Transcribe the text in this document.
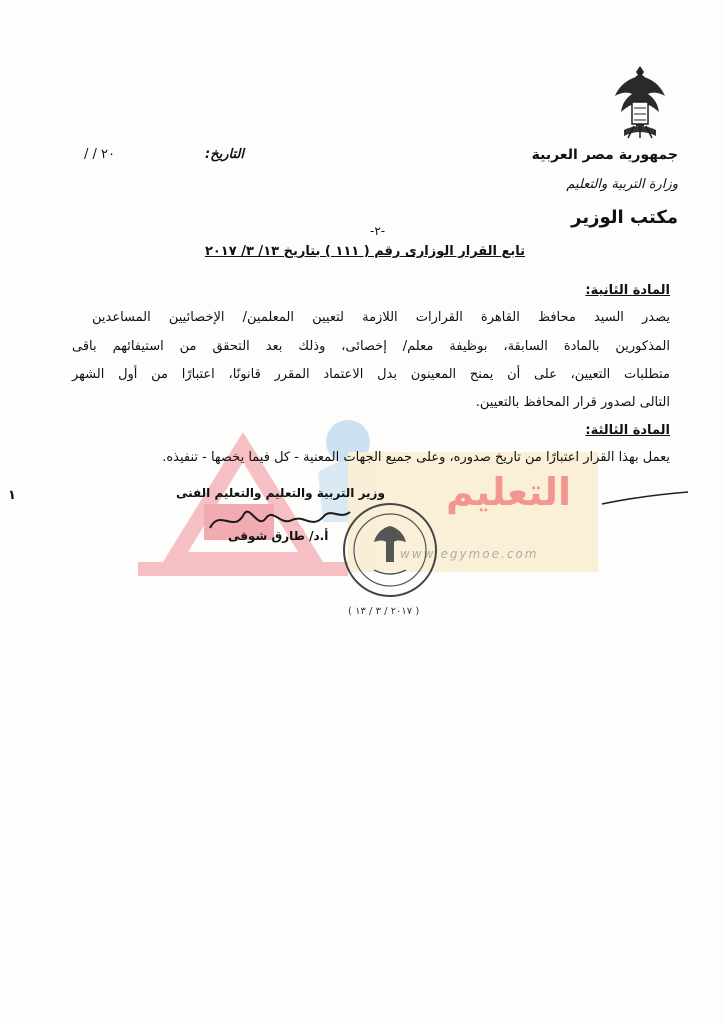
جمهورية مصر العربية
وزارة التربية والتعليم
مكتب الوزير
التاريخ:
/ / ٢٠
-٢-
تابع القرار الوزارى رقم ( ١١١ ) بتاريخ ١٣/ ٣/ ٢٠١٧
المادة الثانية:
يصدر السيد محافظ القاهرة القرارات اللازمة لتعيين المعلمين/ الإخصائيين المساعدين
المذكورين بالمادة السابقة، بوظيفة معلم/ إخصائى، وذلك بعد التحقق من استيفائهم باقى
متطلبات التعيين، على أن يمنح المعينون بدل الاعتماد المقرر قانونًا، اعتبارًا من أول الشهر
التالى لصدور قرار المحافظ بالتعيين.
المادة الثالثة:
التعليم
www.egymoe.com
يعمل بهذا القرار اعتبارًا من تاريخ صدوره، وعلى جميع الجهات المعنية - كل فيما يخصها - تنفيذه.
وزير التربية والتعليم والتعليم الفنى
أ.د/ طارق شوقى
( ٢٠١٧ / ٣ / ١٣ )
١
